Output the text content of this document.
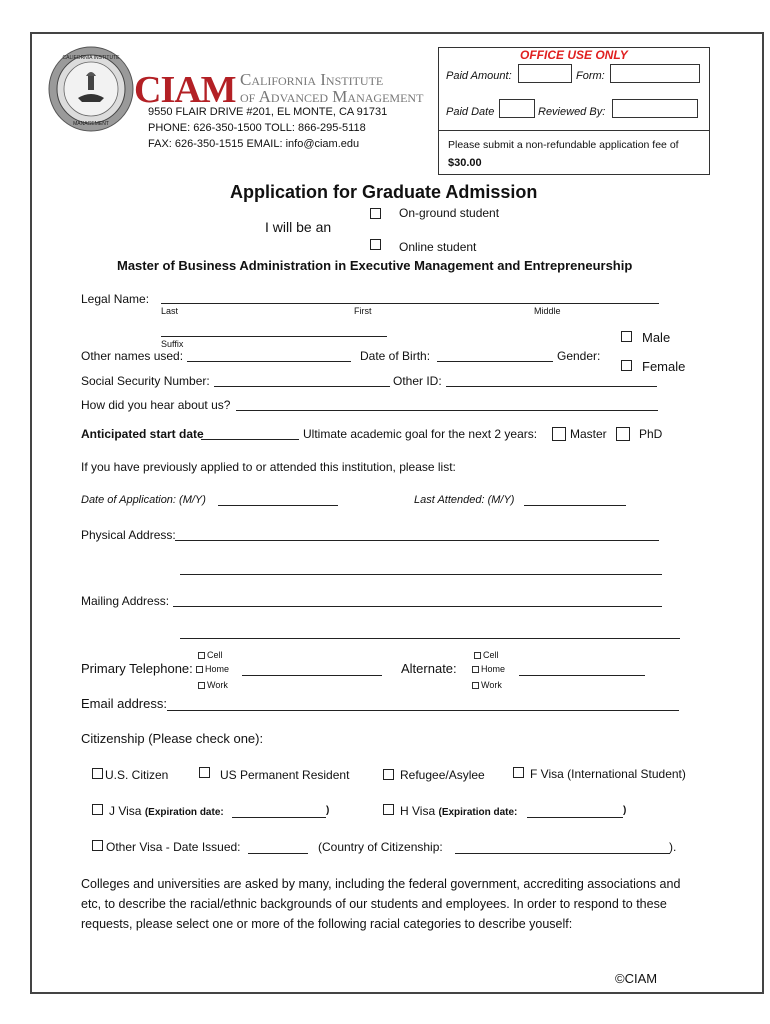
CALIFORNIA INSTITUTE
MANAGEMENT
CIAM California Institute
of Advanced Management
9550 FLAIR DRIVE #201, EL MONTE, CA 91731
PHONE: 626-350-1500 TOLL: 866-295-5118
FAX: 626-350-1515 EMAIL: info@ciam.edu
OFFICE USE ONLY
Paid Amount:	Form:
Paid Date	Reviewed By:
Please submit a non-refundable application fee of
$30.00
Application for Graduate Admission
I will be an
On-ground student
Online student
Master of Business Administration in Executive Management and Entrepreneurship
Legal Name:
Last	First	Middle
Suffix	Male
Female
Other names used:	Date of Birth:	Gender:
Social Security Number:	Other ID:
How did you hear about us?
Anticipated start date	Ultimate academic goal for the next 2 years:	Master	PhD
If you have previously applied to or attended this institution, please list:
Date of Application: (M/Y)	Last Attended: (M/Y)
Physical Address:
Mailing Address:
Cell
Primary Telephone:	Home
Work
Alternate:
Cell
Home
Work
Email address:
Citizenship (Please check one):
U.S. Citizen	US Permanent Resident	Refugee/Asylee	F Visa (International Student)
J Visa (Expiration date:	)	H Visa (Expiration date:	)
Other Visa - Date Issued:	(Country of Citizenship:	).
Colleges and universities are asked by many, including the federal government, accrediting associations and etc, to describe the racial/ethnic backgrounds of our students and employees. In order to respond to these requests, please select one or more of the following racial categories to describe youself:
©CIAM
